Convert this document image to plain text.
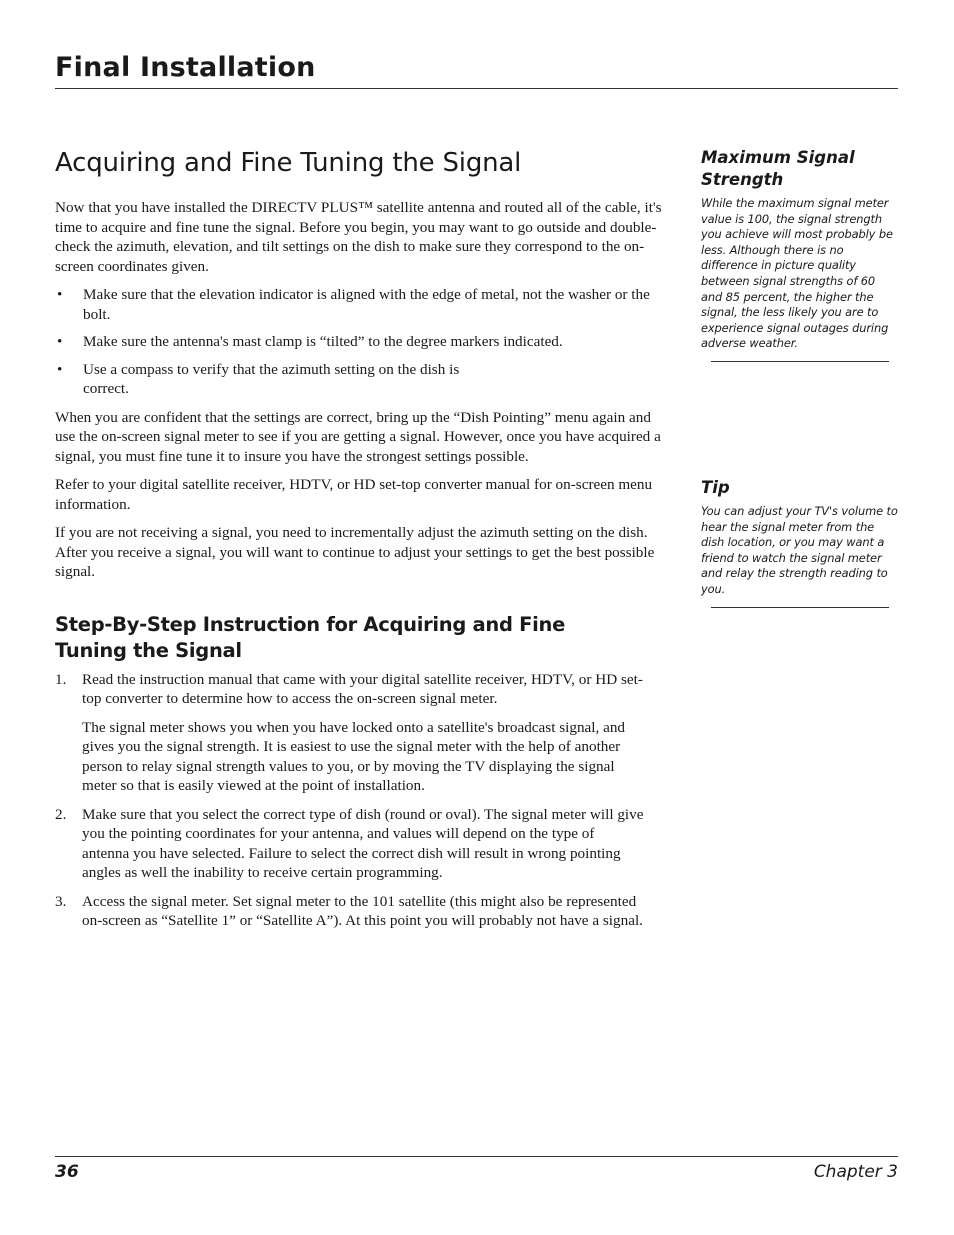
Final Installation
Acquiring and Fine Tuning the Signal

Now that you have installed the DIRECTV PLUS™ satellite antenna and routed all of the cable, it's time to acquire and fine tune the signal. Before you begin, you may want to go outside and double-check the azimuth, elevation, and tilt settings on the dish to make sure they correspond to the on-screen coordinates given.

• Make sure that the elevation indicator is aligned with the edge of metal, not the washer or the bolt.
• Make sure the antenna's mast clamp is “tilted” to the degree markers indicated.
• Use a compass to verify that the azimuth setting on the dish is correct.

When you are confident that the settings are correct, bring up the “Dish Pointing” menu again and use the on-screen signal meter to see if you are getting a signal. However, once you have acquired a signal, you must fine tune it to insure you have the strongest settings possible.

Refer to your digital satellite receiver, HDTV, or HD set-top converter manual for on-screen menu information.

If you are not receiving a signal, you need to incrementally adjust the azimuth setting on the dish. After you receive a signal, you will want to continue to adjust your settings to get the best possible signal.

Step-By-Step Instruction for Acquiring and Fine Tuning the Signal
1. Read the instruction manual that came with your digital satellite receiver, HDTV, or HD set-top converter to determine how to access the on-screen signal meter.

The signal meter shows you when you have locked onto a satellite's broadcast signal, and gives you the signal strength. It is easiest to use the signal meter with the help of another person to relay signal strength values to you, or by moving the TV displaying the signal meter so that is easily viewed at the point of installation.

2. Make sure that you select the correct type of dish (round or oval). The signal meter will give you the pointing coordinates for your antenna, and values will depend on the type of antenna you have selected. Failure to select the correct dish will result in wrong pointing angles as well the inability to receive certain programming.

3. Access the signal meter. Set signal meter to the 101 satellite (this might also be represented on-screen as “Satellite 1” or “Satellite A”). At this point you will probably not have a signal.

Maximum Signal Strength

While the maximum signal meter value is 100, the signal strength you achieve will most probably be less. Although there is no difference in picture quality between signal strengths of 60 and 85 percent, the higher the signal, the less likely you are to experience signal outages during adverse weather.

Tip

You can adjust your TV's volume to hear the signal meter from the dish location, or you may want a friend to watch the signal meter and relay the strength reading to you.

36	Chapter 3
